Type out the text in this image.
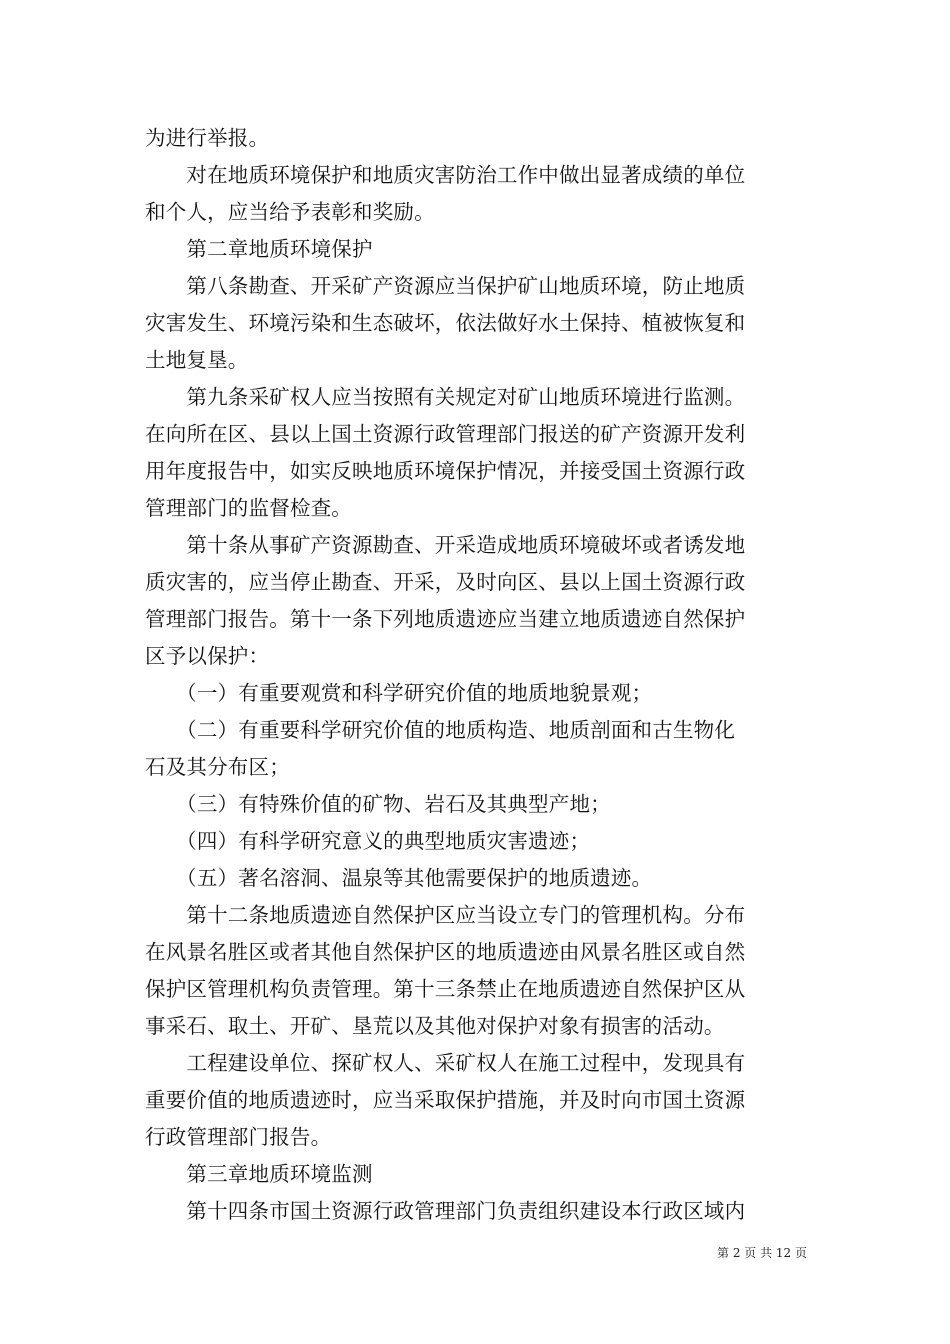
为进行举报。
　　对在地质环境保护和地质灾害防治工作中做出显著成绩的单位
和个人，应当给予表彰和奖励。
　　第二章地质环境保护
　　第八条勘查、开采矿产资源应当保护矿山地质环境，防止地质
灾害发生、环境污染和生态破坏，依法做好水土保持、植被恢复和
土地复垦。
　　第九条采矿权人应当按照有关规定对矿山地质环境进行监测。
在向所在区、县以上国土资源行政管理部门报送的矿产资源开发利
用年度报告中，如实反映地质环境保护情况，并接受国土资源行政
管理部门的监督检查。
　　第十条从事矿产资源勘查、开采造成地质环境破坏或者诱发地
质灾害的，应当停止勘查、开采，及时向区、县以上国土资源行政
管理部门报告。第十一条下列地质遗迹应当建立地质遗迹自然保护
区予以保护：
　　（一）有重要观赏和科学研究价值的地质地貌景观；
　　（二）有重要科学研究价值的地质构造、地质剖面和古生物化
石及其分布区；
　　（三）有特殊价值的矿物、岩石及其典型产地；
　　（四）有科学研究意义的典型地质灾害遗迹；
　　（五）著名溶洞、温泉等其他需要保护的地质遗迹。
　　第十二条地质遗迹自然保护区应当设立专门的管理机构。分布
在风景名胜区或者其他自然保护区的地质遗迹由风景名胜区或自然
保护区管理机构负责管理。第十三条禁止在地质遗迹自然保护区从
事采石、取土、开矿、垦荒以及其他对保护对象有损害的活动。
　　工程建设单位、探矿权人、采矿权人在施工过程中，发现具有
重要价值的地质遗迹时，应当采取保护措施，并及时向市国土资源
行政管理部门报告。
　　第三章地质环境监测
　　第十四条市国土资源行政管理部门负责组织建设本行政区域内
第 2 页 共 12 页
